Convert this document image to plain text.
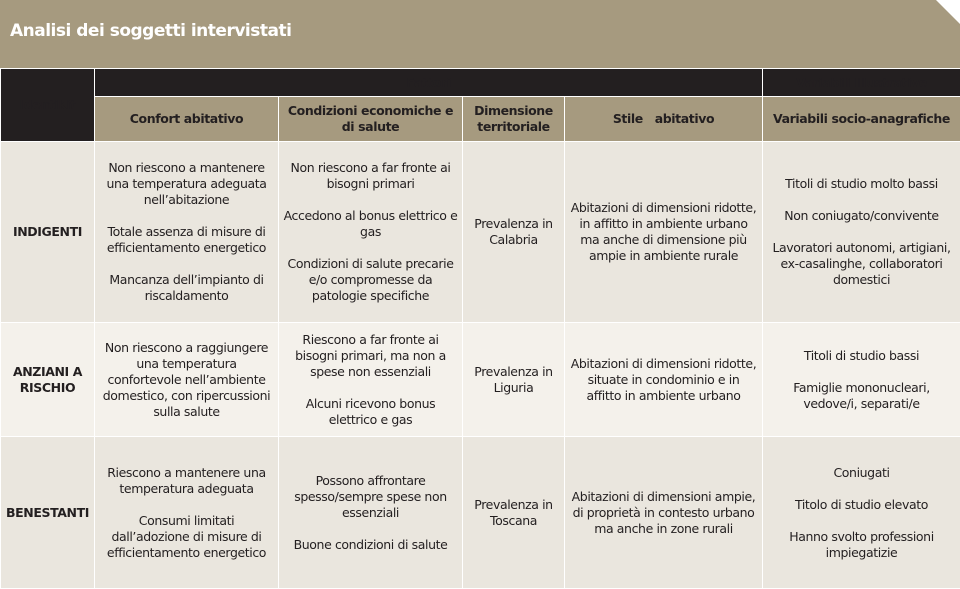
Analisi dei soggetti intervistati
Identikit	Fattori				Variabili Illustrative
	Confort abitativo	Condizioni economiche e di salute	Dimensione territoriale	Stile   abitativo	Variabili socio-anagrafiche
INDIGENTI	Non riescono a mantenere una temperatura adeguata nell’abitazione
Totale assenza di misure di efficientamento energetico
Mancanza dell’impianto di riscaldamento	Non riescono a far fronte ai bisogni primari
Accedono al bonus elettrico e gas
Condizioni di salute precarie e/o compromesse da patologie specifiche	Prevalenza in Calabria	Abitazioni di dimensioni ridotte, in affitto in ambiente urbano ma anche di dimensione più ampie in ambiente rurale	Titoli di studio molto bassi
Non coniugato/convivente
Lavoratori autonomi, artigiani, ex-casalinghe, collaboratori domestici

ANZIANI A RISCHIO	Non riescono a raggiungere una temperatura confortevole nell’ambiente domestico, con ripercussioni sulla salute	Riescono a far fronte ai bisogni primari, ma non a spese non essenziali
Alcuni ricevono bonus elettrico e gas	Prevalenza in Liguria	Abitazioni di dimensioni ridotte, situate in condominio e in affitto in ambiente urbano	Titoli di studio bassi
Famiglie mononucleari, vedove/i, separati/e

BENESTANTI	Riescono a mantenere una temperatura adeguata
Consumi limitati dall’adozione di misure di efficientamento energetico	Possono affrontare spesso/sempre spese non essenziali
Buone condizioni di salute	Prevalenza in Toscana	Abitazioni di dimensioni ampie, di proprietà in contesto urbano ma anche in zone rurali	Coniugati
Titolo di studio elevato
Hanno svolto professioni impiegatizie
